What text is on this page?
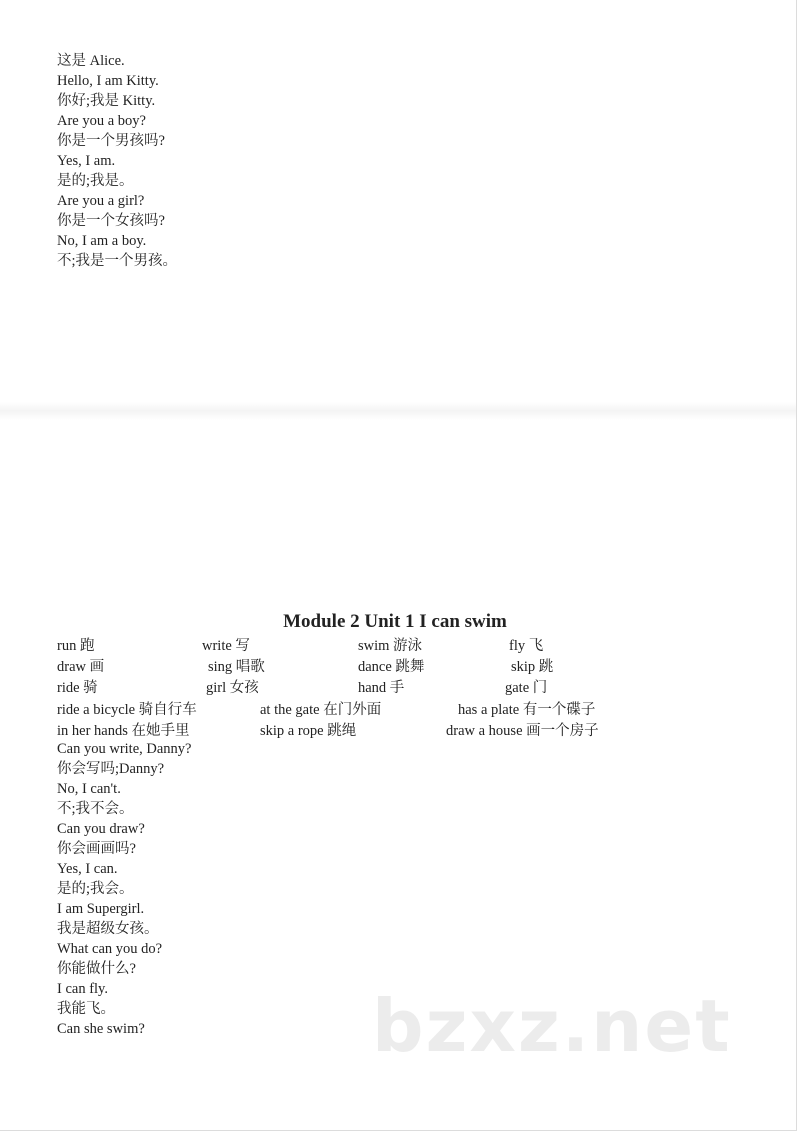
这是 Alice.
Hello, I am Kitty.
你好;我是 Kitty.
Are you a boy?
你是一个男孩吗?
Yes, I am.
是的;我是。
Are you a girl?
你是一个女孩吗?
No, I am a boy.
不;我是一个男孩。
Module 2 Unit 1 I can swim
run 跑	write 写	swim 游泳	fly 飞
draw 画	sing 唱歌	dance 跳舞	skip 跳
ride 骑	girl 女孩	hand 手	gate 门
ride a bicycle 骑自行车	at the gate 在门外面	has a plate 有一个碟子
in her hands 在她手里	skip a rope 跳绳	draw a house 画一个房子
Can you write, Danny?
你会写吗;Danny?
No, I can't.
不;我不会。
Can you draw?
你会画画吗?
Yes, I can.
是的;我会。
I am Supergirl.
我是超级女孩。
What can you do?
你能做什么?
I can fly.
我能飞。
Can she swim?	bzxz.net
